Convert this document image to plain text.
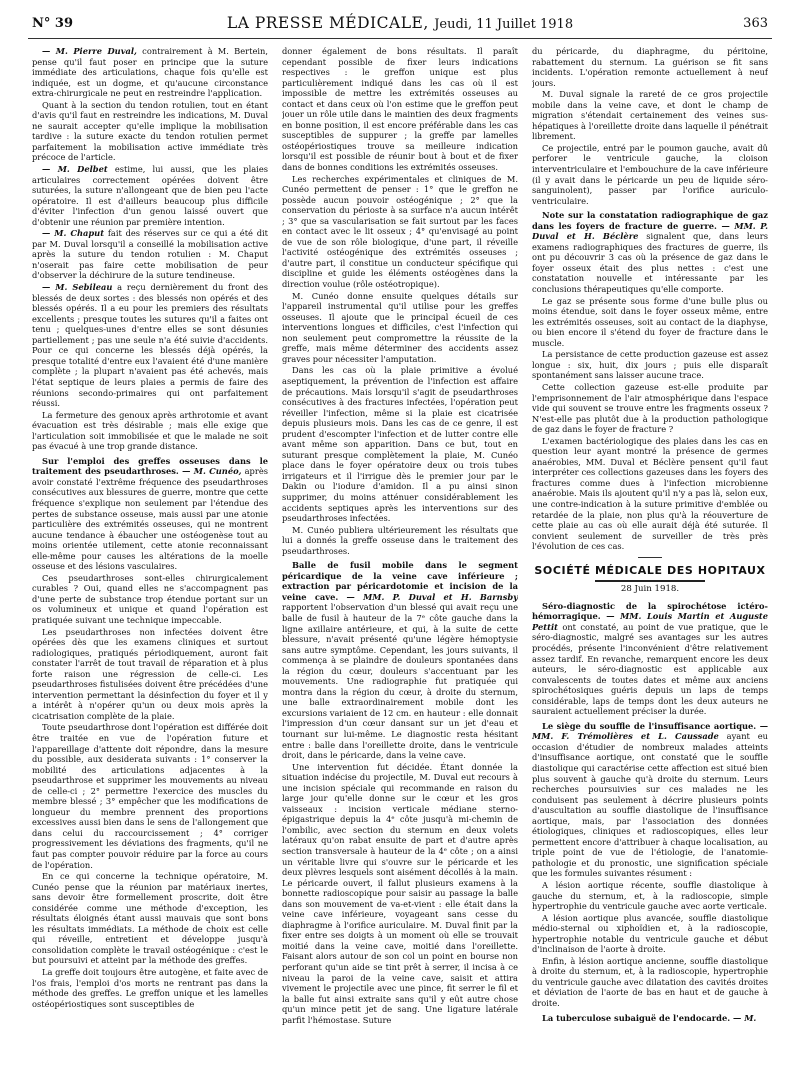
N° 39	LA PRESSE MÉDICALE, Jeudi, 11 Juillet 1918	363

— M. Pierre Duval, contrairement à M. Bertein, pense qu'il faut poser en principe que la suture immédiate des articulations, chaque fois qu'elle est indiquée, est un dogme, et qu'aucune circonstance extra-chirurgicale ne peut en restreindre l'application.

Quant à la section du tendon rotulien, tout en étant d'avis qu'il faut en restreindre les indications, M. Duval ne saurait accepter qu'elle implique la mobilisation tardive : la suture exacte du tendon rotulien permet parfaitement la mobilisation active immédiate très précoce de l'article.

— M. Delbet estime, lui aussi, que les plaies articulaires correctement opérées doivent être suturées, la suture n'allongeant que de bien peu l'acte opératoire. Il est d'ailleurs beaucoup plus difficile d'éviter l'infection d'un genou laissé ouvert que d'obtenir une réunion par première intention.

— M. Chaput fait des réserves sur ce qui a été dit par M. Duval lorsqu'il a conseillé la mobilisation active après la suture du tendon rotulien : M. Chaput n'oserait pas faire cette mobilisation de peur d'observer la déchirure de la suture tendineuse.

— M. Sebileau a reçu dernièrement du front des blessés de deux sortes : des blessés non opérés et des blessés opérés. Il a eu pour les premiers des résultats excellents ; presque toutes les sutures qu'il a faites ont tenu ; quelques-unes d'entre elles se sont désunies partiellement ; pas une seule n'a été suivie d'accidents. Pour ce qui concerne les blessés déjà opérés, la presque totalité d'entre eux l'avaient été d'une manière complète ; la plupart n'avaient pas été achevés, mais l'état septique de leurs plaies a permis de faire des réunions secondo-primaires qui ont parfaitement réussi.

La fermeture des genoux après arthrotomie et avant évacuation est très désirable ; mais elle exige que l'articulation soit immobilisée et que le malade ne soit pas évacué à une trop grande distance.

Sur l'emploi des greffes osseuses dans le traitement des pseudarthroses. — M. Cunéo, après avoir constaté l'extrême fréquence des pseudarthroses consécutives aux blessures de guerre, montre que cette fréquence s'explique non seulement par l'étendue des pertes de substance osseuse, mais aussi par une atonie particulière des extrémités osseuses, qui ne montrent aucune tendance à ébaucher une ostéogenèse tout au moins orientée utilement, cette atonie reconnaissant elle-même pour causes les altérations de la moelle osseuse et des lésions vasculaires.

Ces pseudarthroses sont-elles chirurgicalement curables ? Oui, quand elles ne s'accompagnent pas d'une perte de substance trop étendue portant sur un os volumineux et unique et quand l'opération est pratiquée suivant une technique impeccable.

Les pseudarthroses non infectées doivent être opérées dès que les examens cliniques et surtout radiologiques, pratiqués périodiquement, auront fait constater l'arrêt de tout travail de réparation et à plus forte raison une régression de celle-ci. Les pseudarthroses fistulisées doivent être précédées d'une intervention permettant la désinfection du foyer et il y a intérêt à n'opérer qu'un ou deux mois après la cicatrisation complète de la plaie.

Toute pseudarthrose dont l'opération est différée doit être traitée en vue de l'opération future et l'appareillage d'attente doit répondre, dans la mesure du possible, aux desiderata suivants : 1° conserver la mobilité des articulations adjacentes à la pseudarthrose et supprimer les mouvements au niveau de celle-ci ; 2° permettre l'exercice des muscles du membre blessé ; 3° empêcher que les modifications de longueur du membre prennent des proportions excessives aussi bien dans le sens de l'allongement que dans celui du raccourcissement ; 4° corriger progressivement les déviations des fragments, qu'il ne faut pas compter pouvoir réduire par la force au cours de l'opération.

En ce qui concerne la technique opératoire, M. Cunéo pense que la réunion par matériaux inertes, sans devoir être formellement proscrite, doit être considérée comme une méthode d'exception, les résultats éloignés étant aussi mauvais que sont bons les résultats immédiats. La méthode de choix est celle qui réveille, entretient et développe jusqu'à consolidation complète le travail ostéogénique : c'est le but poursuivi et atteint par la méthode des greffes.

La greffe doit toujours être autogène, et faite avec de l'os frais, l'emploi d'os morts ne rentrant pas dans la méthode des greffes. Le greffon unique et les lamelles ostéopériostiques sont susceptibles de

donner également de bons résultats. Il paraît cependant possible de fixer leurs indications respectives : le greffon unique est plus particulièrement indiqué dans les cas où il est impossible de mettre les extrémités osseuses au contact et dans ceux où l'on estime que le greffon peut jouer un rôle utile dans le maintien des deux fragments en bonne position, il est encore préférable dans les cas susceptibles de suppurer ; la greffe par lamelles ostéopériostiques trouve sa meilleure indication lorsqu'il est possible de réunir bout à bout et de fixer dans de bonnes conditions les extrémités osseuses.

Les recherches expérimentales et cliniques de M. Cunéo permettent de penser : 1° que le greffon ne possède aucun pouvoir ostéogénique ; 2° que la conservation du périoste à sa surface n'a aucun intérêt ; 3° que sa vascularisation se fait surtout par les faces en contact avec le lit osseux ; 4° qu'envisagé au point de vue de son rôle biologique, d'une part, il réveille l'activité ostéogénique des extrémités osseuses ; d'autre part, il constitue un conducteur spécifique qui discipline et guide les éléments ostéogènes dans la direction voulue (rôle ostéotropique).

M. Cunéo donne ensuite quelques détails sur l'appareil instrumental qu'il utilise pour les greffes osseuses. Il ajoute que le principal écueil de ces interventions longues et difficiles, c'est l'infection qui non seulement peut compromettre la réussite de la greffe, mais même déterminer des accidents assez graves pour nécessiter l'amputation.

Dans les cas où la plaie primitive a évolué aseptiquement, la prévention de l'infection est affaire de précautions. Mais lorsqu'il s'agit de pseudarthroses consécutives à des fractures infectées, l'opération peut réveiller l'infection, même si la plaie est cicatrisée depuis plusieurs mois. Dans les cas de ce genre, il est prudent d'escompter l'infection et de lutter contre elle avant même son apparition. Dans ce but, tout en suturant presque complètement la plaie, M. Cunéo place dans le foyer opératoire deux ou trois tubes irrigateurs et il l'irrigue dès le premier jour par le Dakin ou l'iodure d'amidon. Il a pu ainsi sinon supprimer, du moins atténuer considérablement les accidents septiques après les interventions sur des pseudarthroses infectées.

M. Cunéo publiera ultérieurement les résultats que lui a donnés la greffe osseuse dans le traitement des pseudarthroses.

Balle de fusil mobile dans le segment péricardique de la veine cave inférieure ; extraction par péricardotomie et incision de la veine cave. — MM. P. Duval et H. Barnsby rapportent l'observation d'un blessé qui avait reçu une balle de fusil à hauteur de la 7ᵉ côte gauche dans la ligne axillaire antérieure, et qui, à la suite de cette blessure, n'avait présenté qu'une légère hémoptysie sans autre symptôme. Cependant, les jours suivants, il commença à se plaindre de douleurs spontanées dans la région du cœur, douleurs s'accentuant par les mouvements. Une radiographie fut pratiquée qui montra dans la région du cœur, à droite du sternum, une balle extraordinairement mobile dont les excursions variaient de 12 cm. en hauteur : elle donnait l'impression d'un cœur dansant sur un jet d'eau et tournant sur lui-même. Le diagnostic resta hésitant entre : balle dans l'oreillette droite, dans le ventricule droit, dans le péricarde, dans la veine cave.

Une intervention fut décidée. Étant donnée la situation indécise du projectile, M. Duval eut recours à une incision spéciale qui recommande en raison du large jour qu'elle donne sur le cœur et les gros vaisseaux : incision verticale médiane sterno-épigastrique depuis la 4ᵉ côte jusqu'à mi-chemin de l'ombilic, avec section du sternum en deux volets latéraux qu'on rabat ensuite de part et d'autre après section transversale à hauteur de la 4ᵉ côte ; on a ainsi un véritable livre qui s'ouvre sur le péricarde et les deux plèvres lesquels sont aisément décollés à la main. Le péricarde ouvert, il fallut plusieurs examens à la bonnette radioscopique pour saisir au passage la balle dans son mouvement de va-et-vient : elle était dans la veine cave inférieure, voyageant sans cesse du diaphragme à l'orifice auriculaire. M. Duval finit par la fixer entre ses doigts à un moment où elle se trouvait moitié dans la veine cave, moitié dans l'oreillette. Faisant alors autour de son col un point en bourse non perforant qu'un aide se tint prêt à serrer, il incisa à ce niveau la paroi de la veine cave, saisit et attira vivement le projectile avec une pince, fit serrer le fil et la balle fut ainsi extraite sans qu'il y eût autre chose qu'un mince petit jet de sang. Une ligature latérale parfit l'hémostase. Suture

du péricarde, du diaphragme, du péritoine, rabattement du sternum. La guérison se fit sans incidents. L'opération remonte actuellement à neuf jours.

M. Duval signale la rareté de ce gros projectile mobile dans la veine cave, et dont le champ de migration s'étendait certainement des veines sus-hépatiques à l'oreillette droite dans laquelle il pénétrait librement.

Ce projectile, entré par le poumon gauche, avait dû perforer le ventricule gauche, la cloison interventriculaire et l'embouchure de la cave inférieure (il y avait dans le péricarde un peu de liquide séro-sanguinolent), passer par l'orifice auriculo-ventriculaire.

Note sur la constatation radiographique de gaz dans les foyers de fracture de guerre. — MM. P. Duval et H. Béclère signalent que, dans leurs examens radiographiques des fractures de guerre, ils ont pu découvrir 3 cas où la présence de gaz dans le foyer osseux était des plus nettes : c'est une constatation nouvelle et intéressante par les conclusions thérapeutiques qu'elle comporte.

Le gaz se présente sous forme d'une bulle plus ou moins étendue, soit dans le foyer osseux même, entre les extrémités osseuses, soit au contact de la diaphyse, ou bien encore il s'étend du foyer de fracture dans le muscle.

La persistance de cette production gazeuse est assez longue : six, huit, dix jours ; puis elle disparaît spontanément sans laisser aucune trace.

Cette collection gazeuse est-elle produite par l'emprisonnement de l'air atmosphérique dans l'espace vide qui souvent se trouve entre les fragments osseux ? N'est-elle pas plutôt due à la production pathologique de gaz dans le foyer de fracture ?

L'examen bactériologique des plaies dans les cas en question leur ayant montré la présence de germes anaérobies, MM. Duval et Béclère pensent qu'il faut interpréter ces collections gazeuses dans les foyers des fractures comme dues à l'infection microbienne anaérobie. Mais ils ajoutent qu'il n'y a pas là, selon eux, une contre-indication à la suture primitive d'emblée ou retardée de la plaie, non plus qu'à la réouverture de cette plaie au cas où elle aurait déjà été suturée. Il convient seulement de surveiller de très près l'évolution de ces cas.

SOCIÉTÉ MÉDICALE DES HOPITAUX
28 Juin 1918.

Séro-diagnostic de la spirochétose ictéro-hémorragique. — MM. Louis Martin et Auguste Pettit ont constaté, au point de vue pratique, que le séro-diagnostic, malgré ses avantages sur les autres procédés, présente l'inconvénient d'être relativement assez tardif. En revanche, remarquent encore les deux auteurs, le séro-diagnostic est applicable aux convalescents de toutes dates et même aux anciens spirochétosiques guéris depuis un laps de temps considérable, laps de temps dont les deux auteurs ne sauraient actuellement préciser la durée.

Le siège du souffle de l'insuffisance aortique. — MM. F. Trémolières et L. Caussade ayant eu occasion d'étudier de nombreux malades atteints d'insuffisance aortique, ont constaté que le souffle diastolique qui caractérise cette affection est situé bien plus souvent à gauche qu'à droite du sternum. Leurs recherches poursuivies sur ces malades ne les conduisent pas seulement à décrire plusieurs points d'auscultation au souffle diastolique de l'insuffisance aortique, mais, par l'association des données étiologiques, cliniques et radioscopiques, elles leur permettent encore d'attribuer à chaque localisation, au triple point de vue de l'étiologie, de l'anatomie-pathologie et du pronostic, une signification spéciale que les formules suivantes résument :

A lésion aortique récente, souffle diastolique à gauche du sternum, et, à la radioscopie, simple hypertrophie du ventricule gauche avec aorte verticale.

A lésion aortique plus avancée, souffle diastolique médio-sternal ou xiphoïdien et, à la radioscopie, hypertrophie notable du ventricule gauche et début d'inclinaison de l'aorte à droite.

Enfin, à lésion aortique ancienne, souffle diastolique à droite du sternum, et, à la radioscopie, hypertrophie du ventricule gauche avec dilatation des cavités droites et déviation de l'aorte de bas en haut et de gauche à droite.

La tuberculose subaiguë de l'endocarde. — M.
